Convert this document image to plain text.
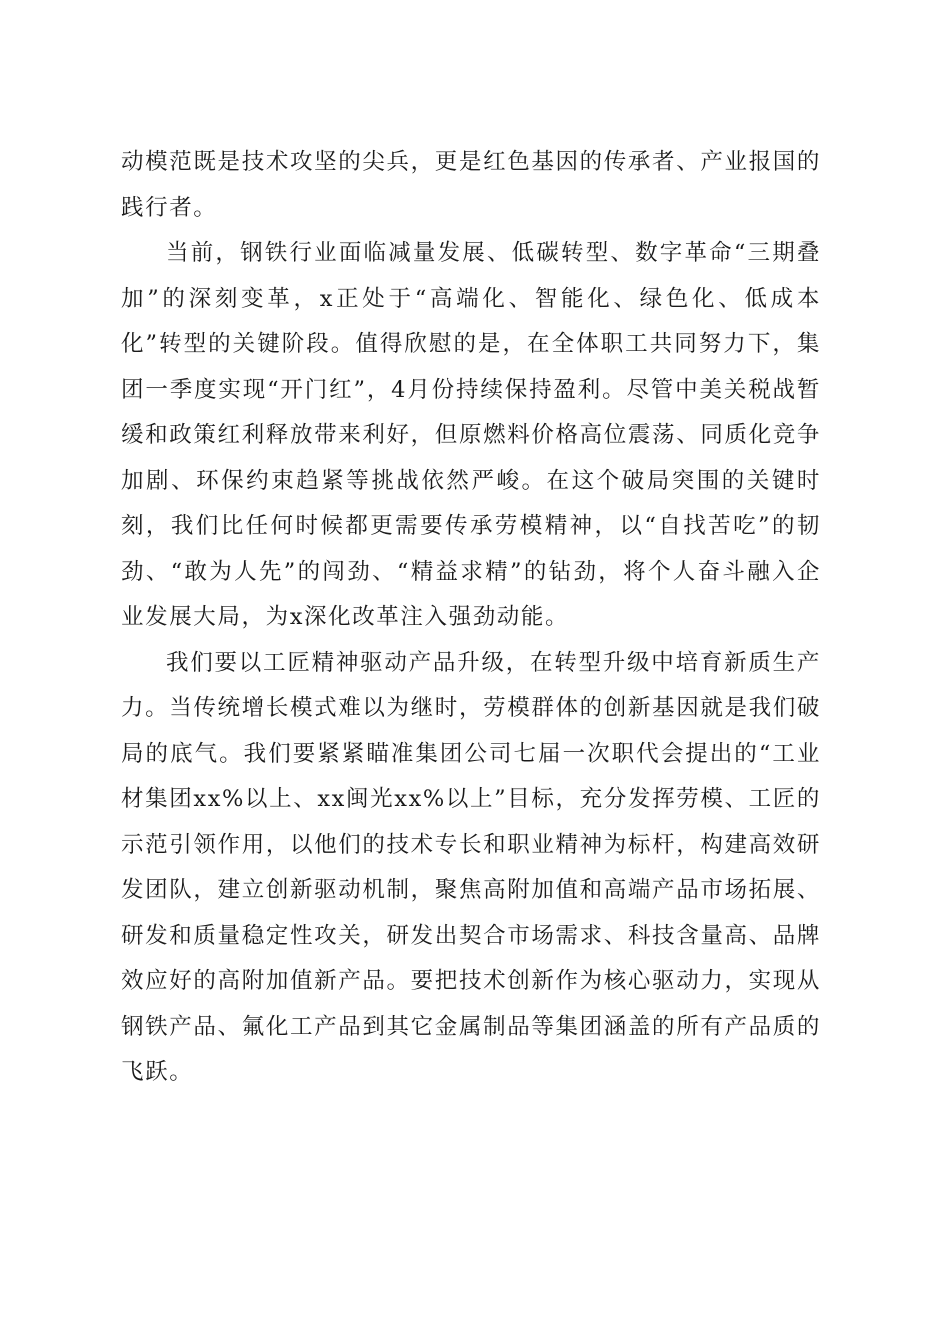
动模范既是技术攻坚的尖兵，更是红色基因的传承者、产业报国的践行者。

当前，钢铁行业面临减量发展、低碳转型、数字革命“三期叠加”的深刻变革，x正处于“高端化、智能化、绿色化、低成本化”转型的关键阶段。值得欣慰的是，在全体职工共同努力下，集团一季度实现“开门红”，4月份持续保持盈利。尽管中美关税战暂缓和政策红利释放带来利好，但原燃料价格高位震荡、同质化竞争加剧、环保约束趋紧等挑战依然严峻。在这个破局突围的关键时刻，我们比任何时候都更需要传承劳模精神，以“自找苦吃”的韧劲、“敢为人先”的闯劲、“精益求精”的钻劲，将个人奋斗融入企业发展大局，为x深化改革注入强劲动能。

我们要以工匠精神驱动产品升级，在转型升级中培育新质生产力。当传统增长模式难以为继时，劳模群体的创新基因就是我们破局的底气。我们要紧紧瞄准集团公司七届一次职代会提出的“工业材集团xx%以上、xx闽光xx%以上”目标，充分发挥劳模、工匠的示范引领作用，以他们的技术专长和职业精神为标杆，构建高效研发团队，建立创新驱动机制，聚焦高附加值和高端产品市场拓展、研发和质量稳定性攻关，研发出契合市场需求、科技含量高、品牌效应好的高附加值新产品。要把技术创新作为核心驱动力，实现从钢铁产品、氟化工产品到其它金属制品等集团涵盖的所有产品质的飞跃。
